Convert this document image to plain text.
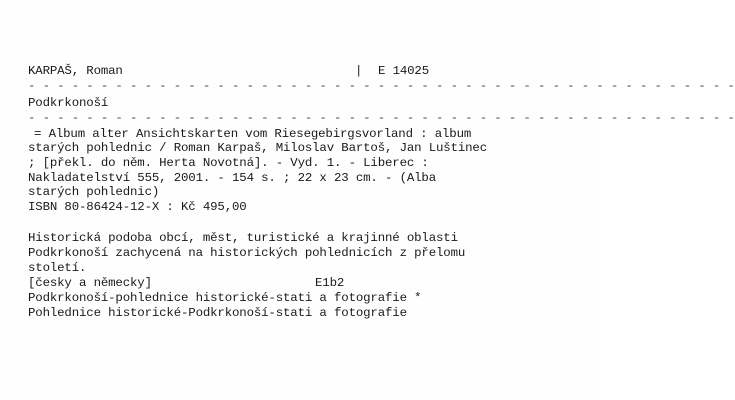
KARPAŠ, Roman	| E 14025
- - - - - - - - - - - - - - - - - - - - - - - - - - - - - - - - - - - - - - - - - - - - - - - - -
Podkrkonoší
- - - - - - - - - - - - - - - - - - - - - - - - - - - - - - - - - - - - - - - - - - - - - - - - -
= Album alter Ansichtskarten vom Riesegebirgsvorland : album
starých pohlednic / Roman Karpaš, Miloslav Bartoš, Jan Luštinec
; [překl. do něm. Herta Novotná]. - Vyd. 1. - Liberec :
Nakladatelství 555, 2001. - 154 s. ; 22 x 23 cm. - (Alba
starých pohlednic)
ISBN 80-86424-12-X : Kč 495,00
Historická podoba obcí, měst, turistické a krajinné oblasti
Podkrkonoší zachycená na historických pohlednicích z přelomu
století.
[česky a německy]	E1b2
Podkrkonoší-pohlednice historické-stati a fotografie *
Pohlednice historické-Podkrkonoší-stati a fotografie
